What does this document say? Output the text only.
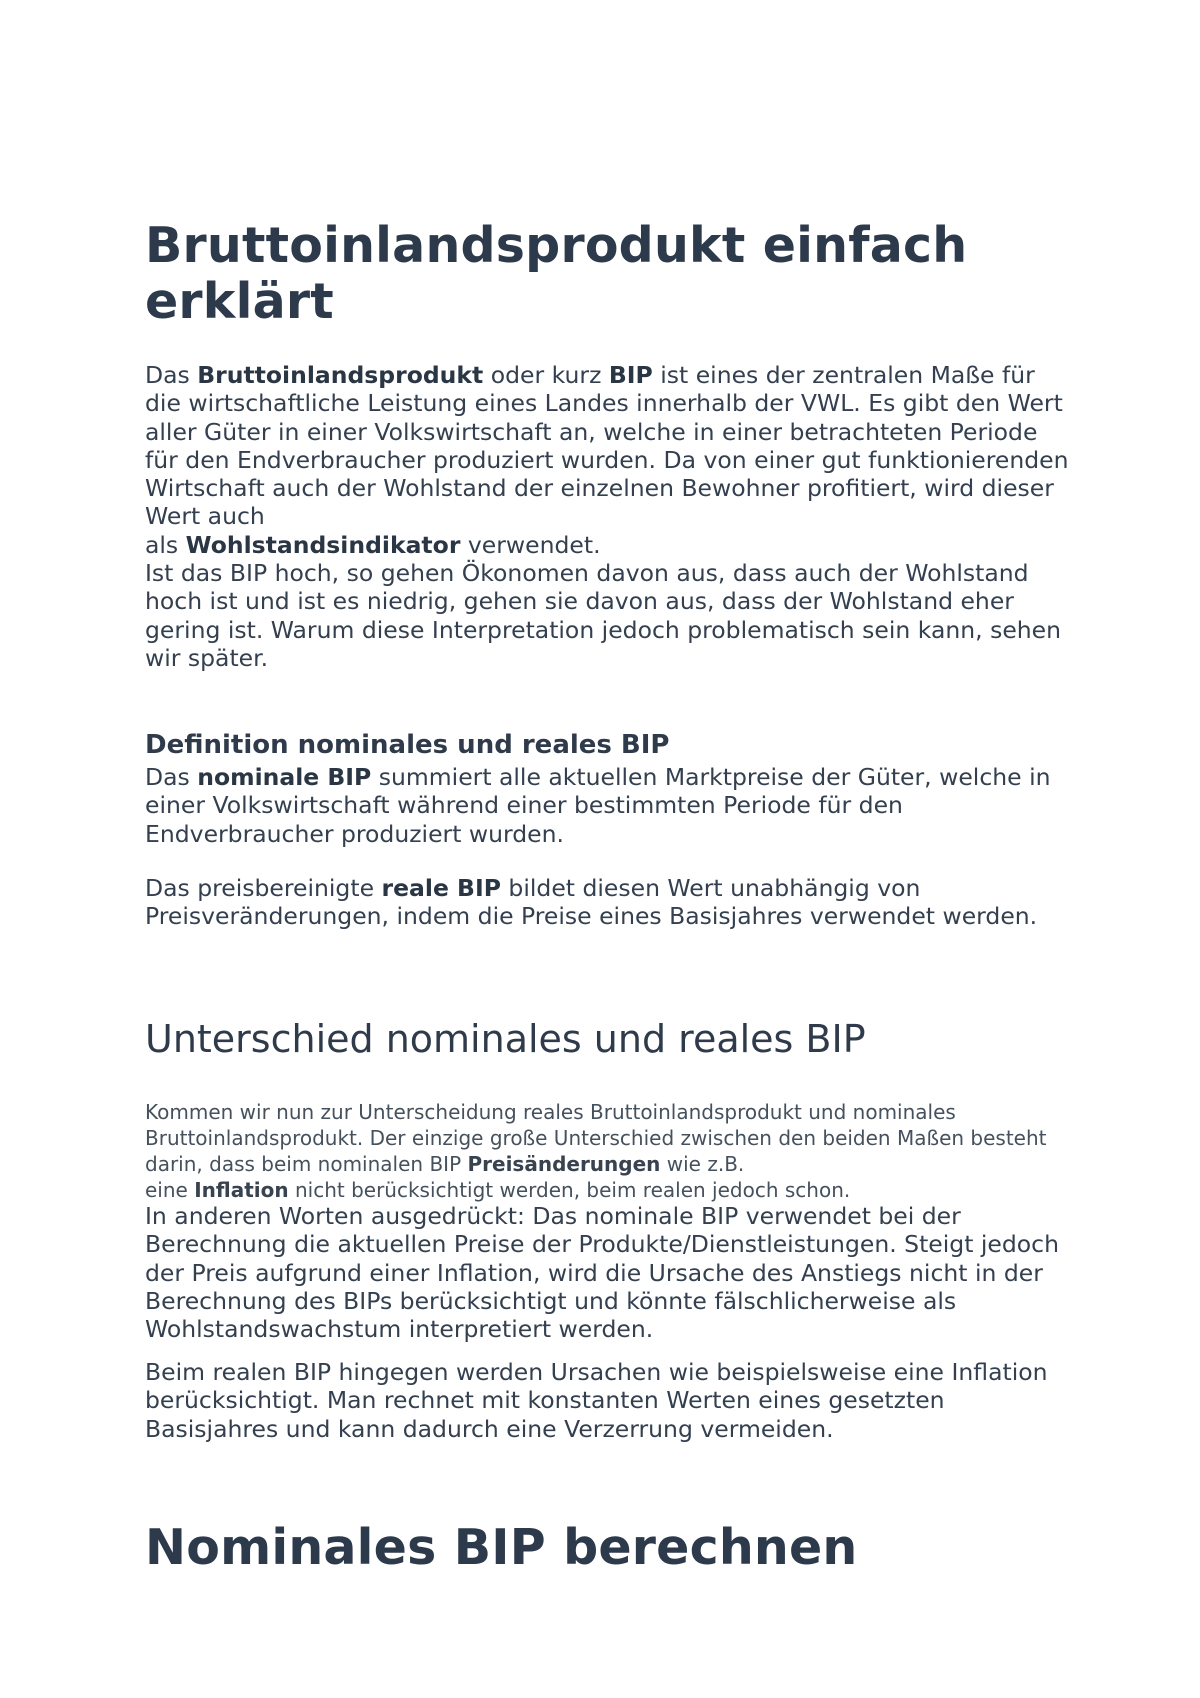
Bruttoinlandsprodukt einfach erklärt

Das Bruttoinlandsprodukt oder kurz BIP ist eines der zentralen Maße für die wirtschaftliche Leistung eines Landes innerhalb der VWL. Es gibt den Wert aller Güter in einer Volkswirtschaft an, welche in einer betrachteten Periode für den Endverbraucher produziert wurden. Da von einer gut funktionierenden Wirtschaft auch der Wohlstand der einzelnen Bewohner profitiert, wird dieser Wert auch
als Wohlstandsindikator verwendet.

Ist das BIP hoch, so gehen Ökonomen davon aus, dass auch der Wohlstand hoch ist und ist es niedrig, gehen sie davon aus, dass der Wohlstand eher gering ist. Warum diese Interpretation jedoch problematisch sein kann, sehen wir später.

Definition nominales und reales BIP

Das nominale BIP summiert alle aktuellen Marktpreise der Güter, welche in einer Volkswirtschaft während einer bestimmten Periode für den Endverbraucher produziert wurden.

Das preisbereinigte reale BIP bildet diesen Wert unabhängig von Preisveränderungen, indem die Preise eines Basisjahres verwendet werden.

Unterschied nominales und reales BIP

Kommen wir nun zur Unterscheidung reales Bruttoinlandsprodukt und nominales Bruttoinlandsprodukt. Der einzige große Unterschied zwischen den beiden Maßen besteht darin, dass beim nominalen BIP Preisänderungen wie z.B.
eine Inflation nicht berücksichtigt werden, beim realen jedoch schon.

In anderen Worten ausgedrückt: Das nominale BIP verwendet bei der Berechnung die aktuellen Preise der Produkte/Dienstleistungen. Steigt jedoch der Preis aufgrund einer Inflation, wird die Ursache des Anstiegs nicht in der Berechnung des BIPs berücksichtigt und könnte fälschlicherweise als Wohlstandswachstum interpretiert werden.

Beim realen BIP hingegen werden Ursachen wie beispielsweise eine Inflation berücksichtigt. Man rechnet mit konstanten Werten eines gesetzten Basisjahres und kann dadurch eine Verzerrung vermeiden.

Nominales BIP berechnen
